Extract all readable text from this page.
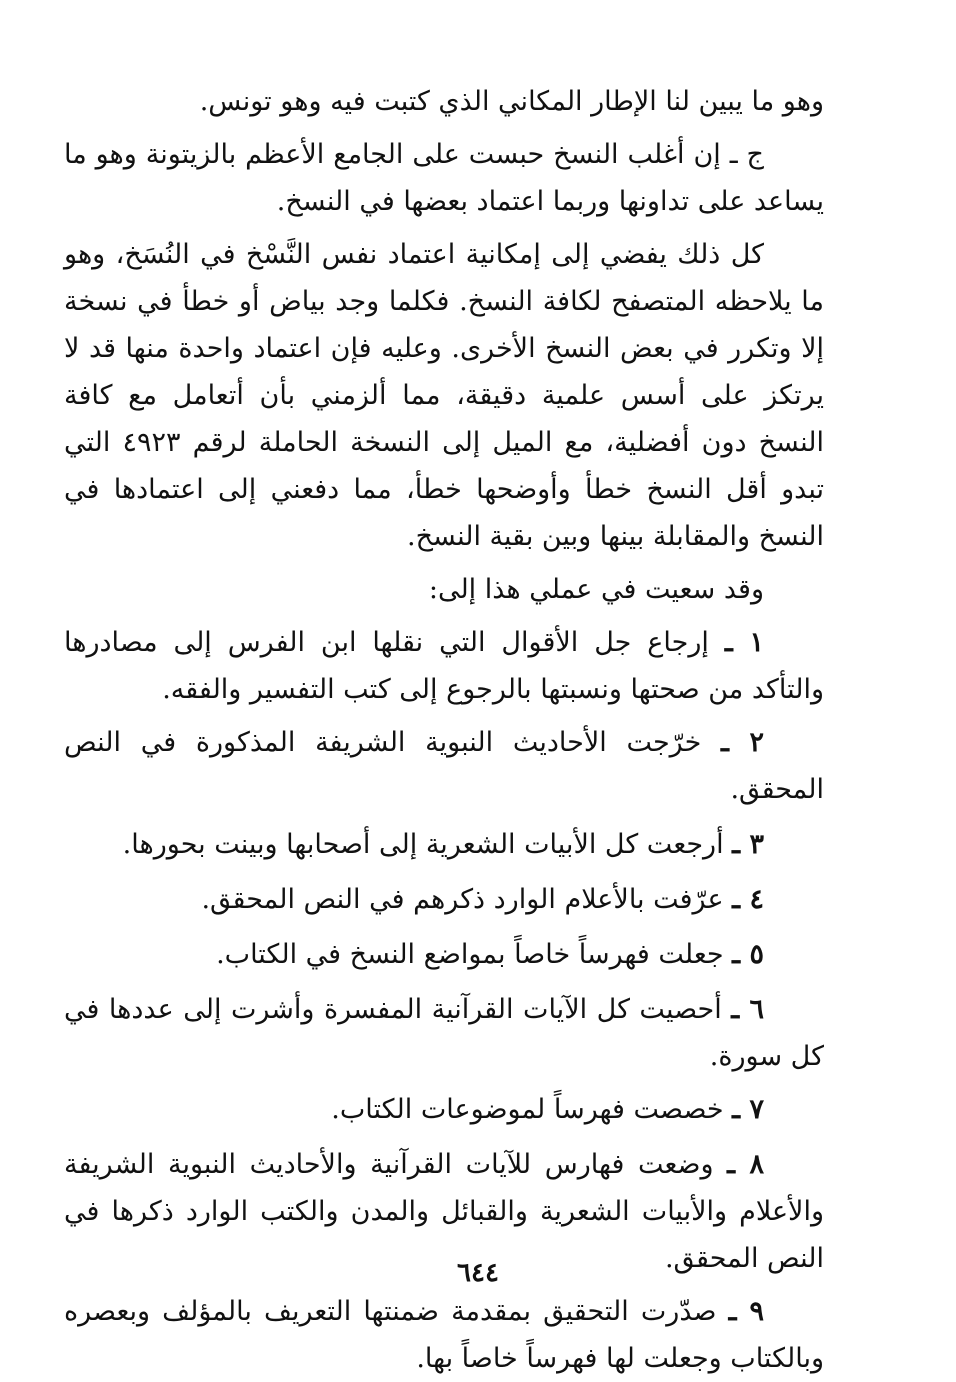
وهو ما يبين لنا الإطار المكاني الذي كتبت فيه وهو تونس.

ج ـ إن أغلب النسخ حبست على الجامع الأعظم بالزيتونة وهو ما يساعد على تداونها وربما اعتماد بعضها في النسخ.

كل ذلك يفضي إلى إمكانية اعتماد نفس النَّسْخ في النُسَخ، وهو ما يلاحظه المتصفح لكافة النسخ. فكلما وجد بياض أو خطأ في نسخة إلا وتكرر في بعض النسخ الأخرى. وعليه فإن اعتماد واحدة منها قد لا يرتكز على أسس علمية دقيقة، مما ألزمني بأن أتعامل مع كافة النسخ دون أفضلية، مع الميل إلى النسخة الحاملة لرقم ٤٩٢٣ التي تبدو أقل النسخ خطأ وأوضحها خطأ، مما دفعني إلى اعتمادها في النسخ والمقابلة بينها وبين بقية النسخ.

وقد سعيت في عملي هذا إلى:

١ ـ إرجاع جل الأقوال التي نقلها ابن الفرس إلى مصادرها والتأكد من صحتها ونسبتها بالرجوع إلى كتب التفسير والفقه.

٢ ـ خرّجت الأحاديث النبوية الشريفة المذكورة في النص المحقق.

٣ ـ أرجعت كل الأبيات الشعرية إلى أصحابها وبينت بحورها.

٤ ـ عرّفت بالأعلام الوارد ذكرهم في النص المحقق.

٥ ـ جعلت فهرساً خاصاً بمواضع النسخ في الكتاب.

٦ ـ أحصيت كل الآيات القرآنية المفسرة وأشرت إلى عددها في كل سورة.

٧ ـ خصصت فهرساً لموضوعات الكتاب.

٨ ـ وضعت فهارس للآيات القرآنية والأحاديث النبوية الشريفة والأعلام والأبيات الشعرية والقبائل والمدن والكتب الوارد ذكرها في النص المحقق.

٩ ـ صدّرت التحقيق بمقدمة ضمنتها التعريف بالمؤلف وبعصره وبالكتاب وجعلت لها فهرساً خاصاً بها.

٦٤٤
